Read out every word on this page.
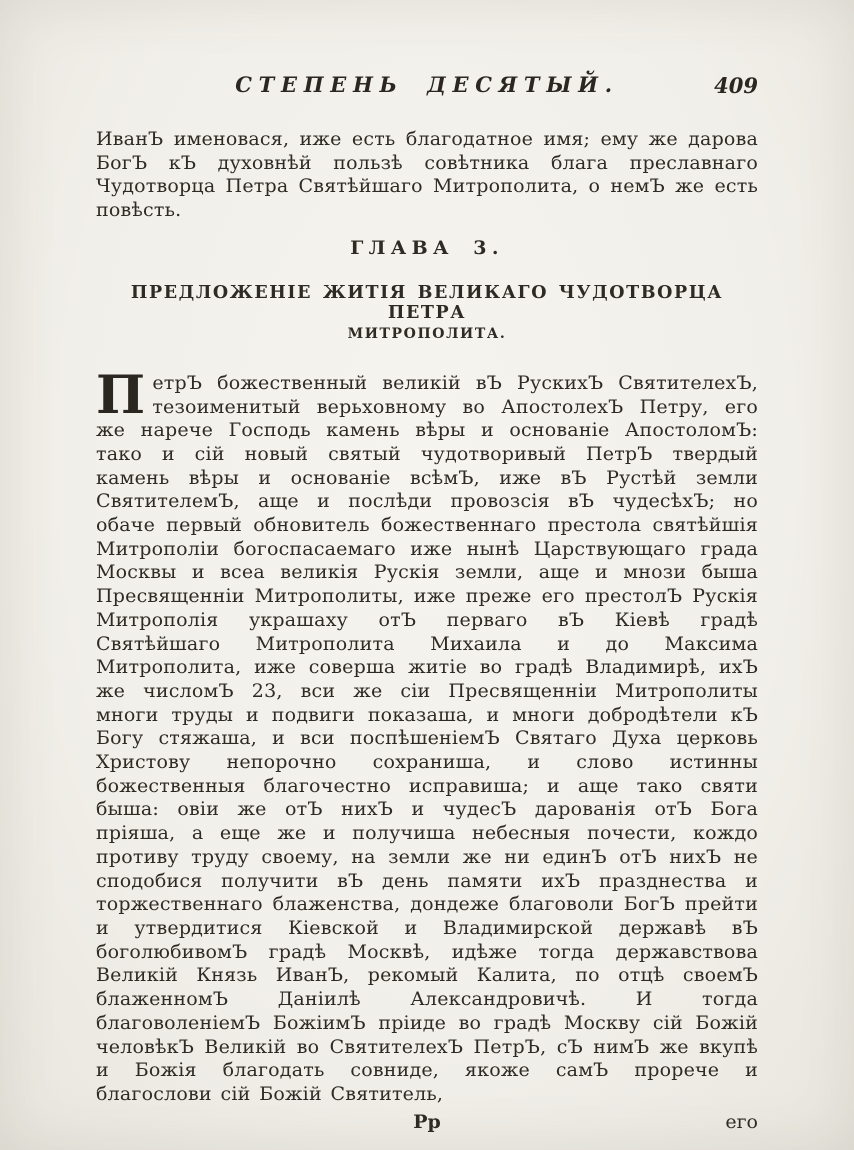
СТЕПЕНЬ ДЕСЯТЫЙ.	409

ИванЪ именовася, иже есть благодатное имя; ему же дарова БогЪ кЪ духовнѣй пользѣ совѣтника блага преславнаго Чудотворца Петра Святѣйшаго Митрополита, о немЪ же есть повѣсть.

ГЛАВА 3.
ПРЕДЛОЖЕНІЕ ЖИТІЯ ВЕЛИКАГО ЧУДОТВОРЦА ПЕТРА
МИТРОПОЛИТА.
ПетрЪ божественный великій вЪ РускихЪ СвятителехЪ, тезоименитый верьховному во АпостолехЪ Петру, его же нарече Господь камень вѣры и основаніе АпостоломЪ: тако и сій новый святый чудотворивый ПетрЪ твердый камень вѣры и основаніе всѣмЪ, иже вЪ Рустѣй земли СвятителемЪ, аще и послѣди провозсія вЪ чудесѣхЪ; но обаче первый обновитель божественнаго престола святѣйшія Митрополіи богоспасаемаго иже нынѣ Царствующаго града Москвы и всеа великія Рускія земли, аще и мнози быша Пресвященніи Митрополиты, иже преже его престолЪ Рускія Митрополія украшаху отЪ перваго вЪ Кіевѣ градѣ Святѣйшаго Митрополита Михаила и до Максима Митрополита, иже соверша житіе во градѣ Владимирѣ, ихЪ же числомЪ 23, вси же сіи Пресвященніи Митрополиты многи труды и подвиги показаша, и многи добродѣтели кЪ Богу стяжаша, и вси поспѣшеніемЪ Святаго Духа церковь Христову непорочно сохраниша, и слово истинны божественныя благочестно исправиша; и аще тако святи быша: овіи же отЪ нихЪ и чудесЪ дарованія отЪ Бога пріяша, а еще же и получиша небесныя почести, кождо противу труду своему, на земли же ни единЪ отЪ нихЪ не сподобися получити вЪ день памяти ихЪ празднества и торжественнаго блаженства, дондеже благоволи БогЪ прейти и утвердитися Кіевской и Владимирской державѣ вЪ боголюбивомЪ градѣ Москвѣ, идѣже тогда державствова Великій Князь ИванЪ, рекомый Калита, по отцѣ своемЪ блаженномЪ Даніилѣ Александровичѣ. И тогда благоволеніемЪ БожіимЪ пріиде во градѣ Москву сій Божій человѣкЪ Великій во СвятителехЪ ПетрЪ, сЪ нимЪ же вкупѣ и Божія благодать совниде, якоже самЪ прорече и благослови сій Божій Святитель,
Рр	его
